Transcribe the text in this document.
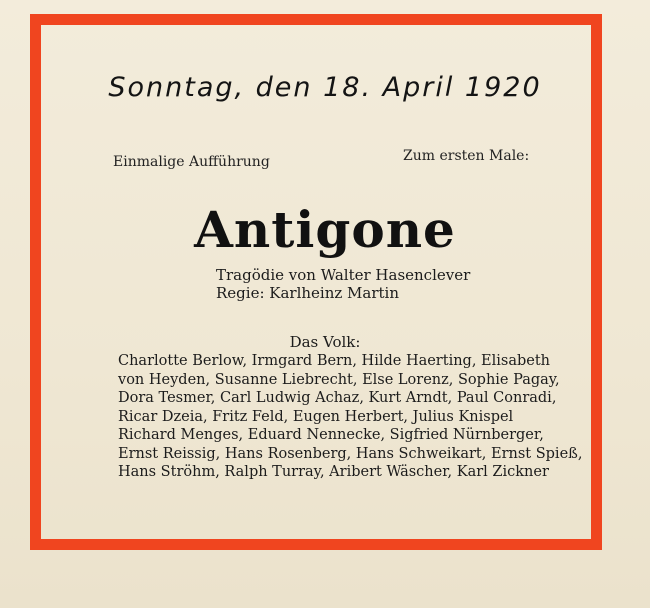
Sonntag, den 18. April 1920
Einmalige Aufführung	Zum ersten Male:
Antigone
Tragödie von Walter Hasenclever
Regie: Karlheinz Martin
Das Volk:
Charlotte Berlow, Irmgard Bern, Hilde Haerting, Elisabeth
von Heyden, Susanne Liebrecht, Else Lorenz, Sophie Pagay,
Dora Tesmer, Carl Ludwig Achaz, Kurt Arndt, Paul Conradi,
Ricar Dzeia, Fritz Feld, Eugen Herbert, Julius Knispel
Richard Menges, Eduard Nennecke, Sigfried Nürnberger,
Ernst Reissig, Hans Rosenberg, Hans Schweikart, Ernst Spieß,
Hans Ströhm, Ralph Turray, Aribert Wäscher, Karl Zickner
